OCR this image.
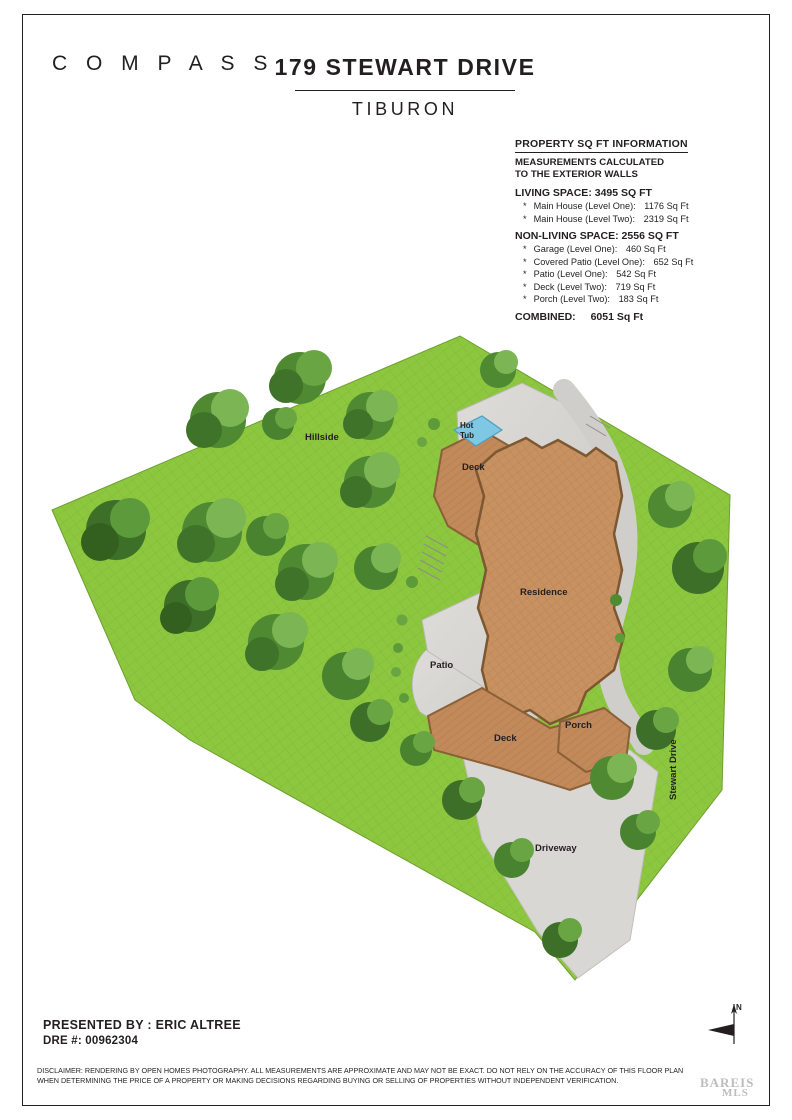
C O M P A S S 179 STEWART DRIVE
TIBURON
PROPERTY SQ FT INFORMATION
MEASUREMENTS CALCULATED
TO THE EXTERIOR WALLS
LIVING SPACE: 3495 SQ FT
* Main House (Level One): 1176 Sq Ft
* Main House (Level Two): 2319 Sq Ft
NON-LIVING SPACE: 2556 SQ FT
* Garage (Level One): 460 Sq Ft
* Covered Patio (Level One): 652 Sq Ft
* Patio (Level One): 542 Sq Ft
* Deck (Level Two): 719 Sq Ft
* Porch (Level Two): 183 Sq Ft
COMBINED: 6051 Sq Ft
Hillside
Hot
Tub
Deck
Residence
Patio
Deck
Porch
Driveway
Stewart Drive
PRESENTED BY : ERIC ALTREE
DRE #: 00962304
DISCLAIMER: RENDERING BY OPEN HOMES PHOTOGRAPHY. ALL MEASUREMENTS ARE APPROXIMATE AND MAY NOT BE EXACT. DO NOT RELY ON THE ACCURACY OF THIS FLOOR PLAN
WHEN DETERMINING THE PRICE OF A PROPERTY OR MAKING DECISIONS REGARDING BUYING OR SELLING OF PROPERTIES WITHOUT INDEPENDENT VERIFICATION.
N
BAREIS
MLS
